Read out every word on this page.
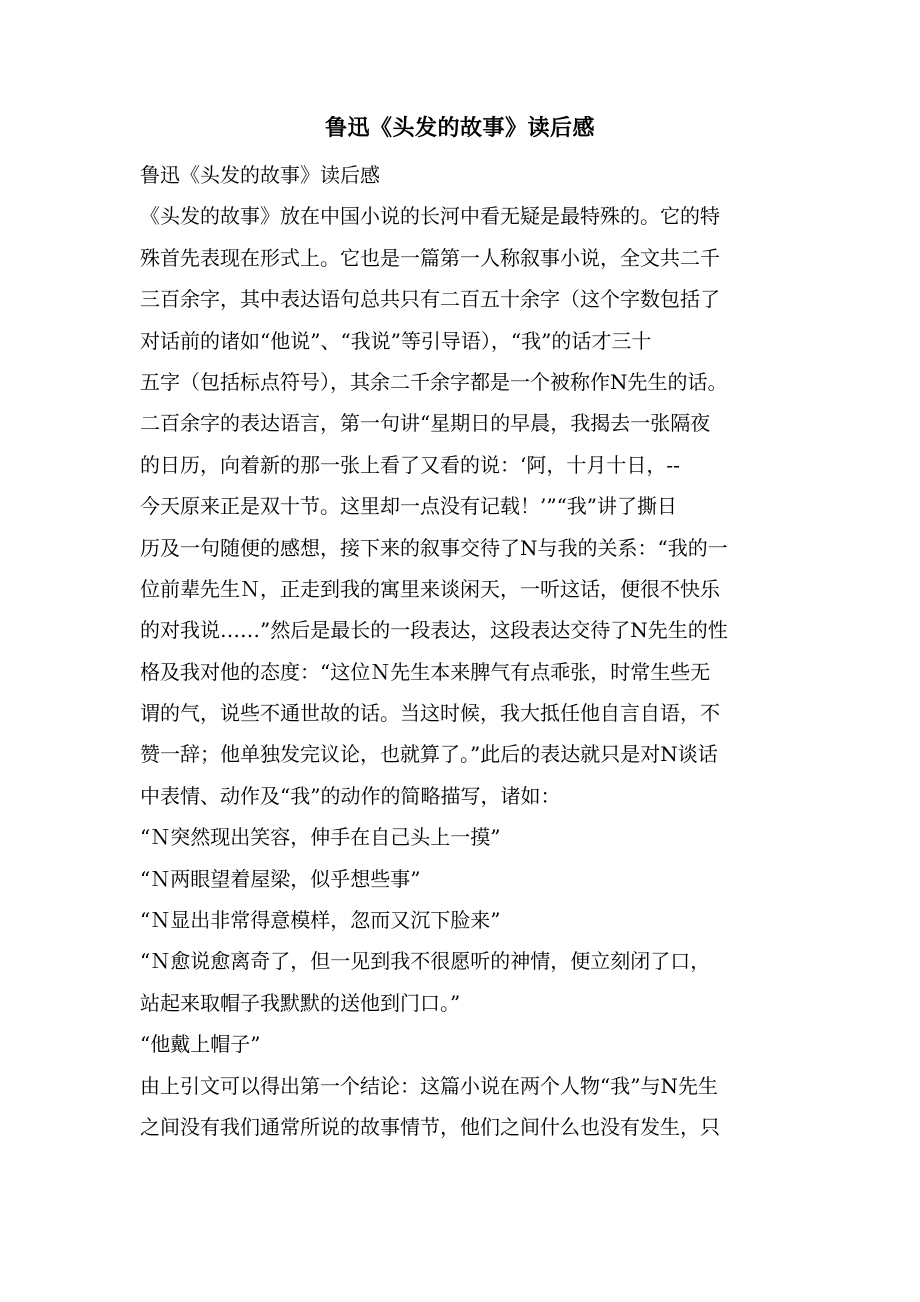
鲁迅《头发的故事》读后感
鲁迅《头发的故事》读后感
《头发的故事》放在中国小说的长河中看无疑是最特殊的。它的特
殊首先表现在形式上。它也是一篇第一人称叙事小说，全文共二千
三百余字，其中表达语句总共只有二百五十余字（这个字数包括了
对话前的诸如“他说”、“我说”等引导语），“我”的话才三十
五字（包括标点符号），其余二千余字都是一个被称作N先生的话。
二百余字的表达语言，第一句讲“星期日的早晨，我揭去一张隔夜
的日历，向着新的那一张上看了又看的说：‘阿，十月十日，--
今天原来正是双十节。这里却一点没有记载！’”“我”讲了撕日
历及一句随便的感想，接下来的叙事交待了N与我的关系：“我的一
位前辈先生Ｎ，正走到我的寓里来谈闲天，一听这话，便很不快乐
的对我说……”然后是最长的一段表达，这段表达交待了N先生的性
格及我对他的态度：“这位Ｎ先生本来脾气有点乖张，时常生些无
谓的气，说些不通世故的话。当这时候，我大抵任他自言自语，不
赞一辞；他单独发完议论，也就算了。”此后的表达就只是对N谈话
中表情、动作及“我”的动作的简略描写，诸如：
“Ｎ突然现出笑容，伸手在自己头上一摸”
“Ｎ两眼望着屋梁，似乎想些事”
“Ｎ显出非常得意模样，忽而又沉下脸来”
“Ｎ愈说愈离奇了，但一见到我不很愿听的神情，便立刻闭了口，
站起来取帽子我默默的送他到门口。”
“他戴上帽子”
由上引文可以得出第一个结论：这篇小说在两个人物“我”与N先生
之间没有我们通常所说的故事情节，他们之间什么也没有发生，只
